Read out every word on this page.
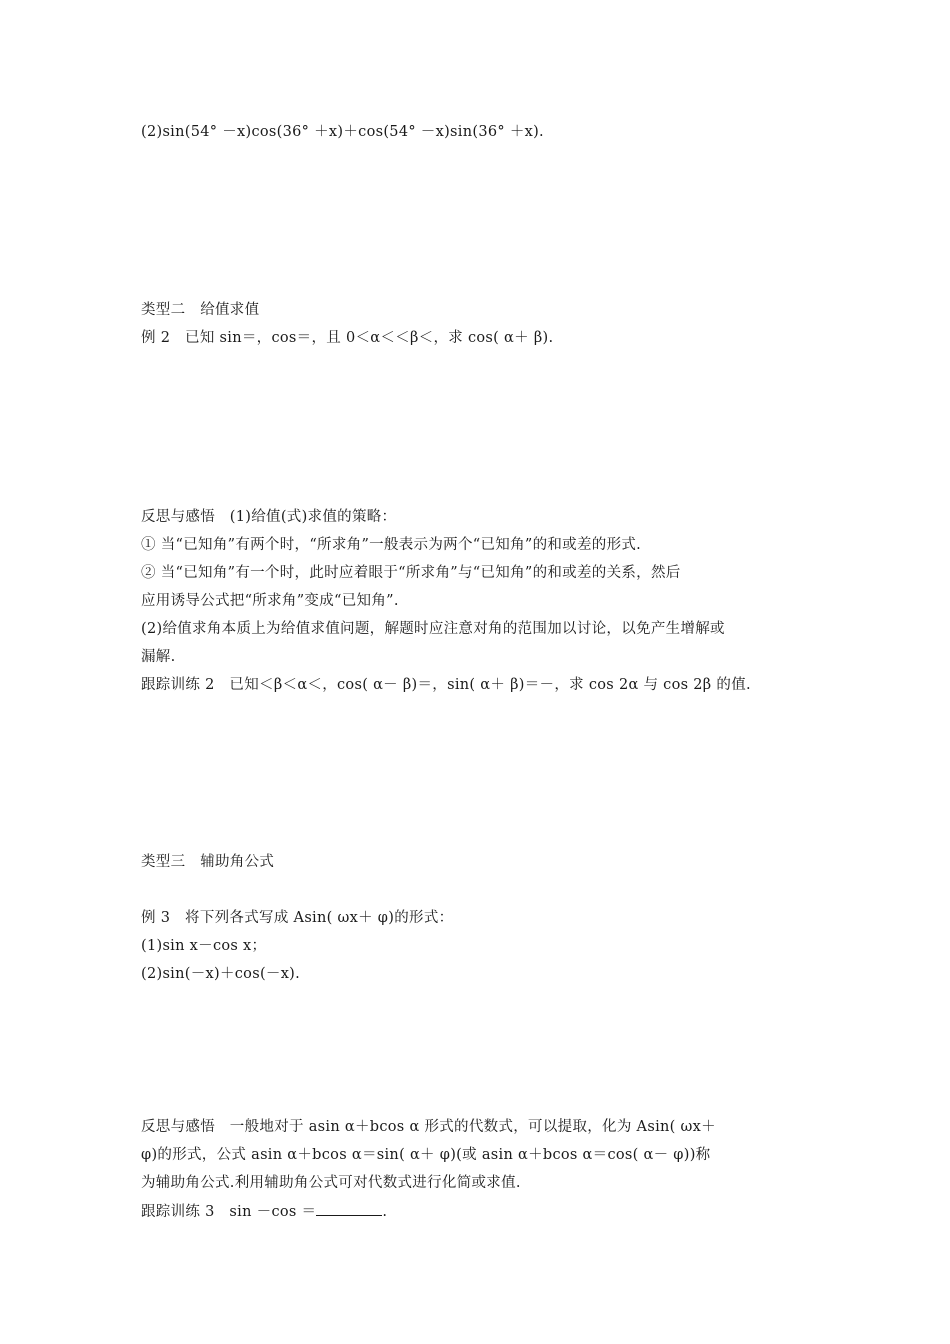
(2)sin(54° －x)cos(36° ＋x)＋cos(54° －x)sin(36° ＋x).
类型二　给值求值
例 2　已知 sin＝，cos＝，且 0＜α＜＜β＜，求 cos( α＋ β).
反思与感悟　(1)给值(式)求值的策略：
① 当“已知角”有两个时，“所求角”一般表示为两个“已知角”的和或差的形式.
② 当“已知角”有一个时，此时应着眼于“所求角”与“已知角”的和或差的关系，然后
应用诱导公式把“所求角”变成“已知角”.
(2)给值求角本质上为给值求值问题，解题时应注意对角的范围加以讨论，以免产生增解或
漏解.
跟踪训练 2　已知＜β＜α＜，cos( α－ β)＝，sin( α＋ β)＝－，求 cos 2α 与 cos 2β 的值.
类型三　辅助角公式
例 3　将下列各式写成 Asin( ωx＋ φ)的形式：
(1)sin x－cos x；
(2)sin(－x)＋cos(－x).
反思与感悟　一般地对于 asin α＋bcos α 形式的代数式，可以提取，化为 Asin( ωx＋
φ)的形式，公式 asin α＋bcos α＝sin( α＋ φ)(或 asin α＋bcos α＝cos( α－ φ))称
为辅助角公式.利用辅助角公式可对代数式进行化简或求值.
跟踪训练 3　sin －cos ＝	.
